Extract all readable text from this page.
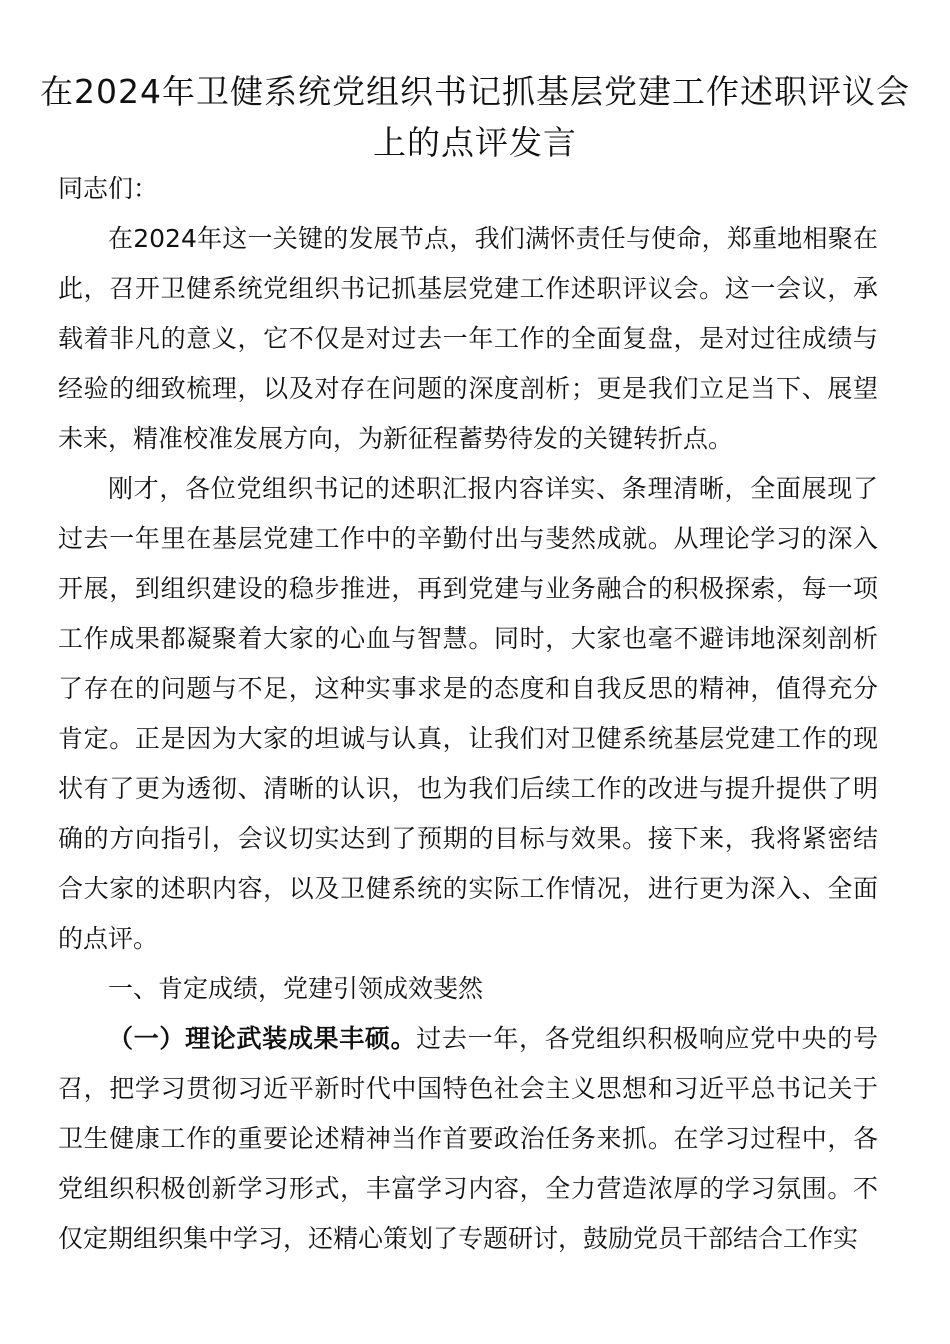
在2024年卫健系统党组织书记抓基层党建工作述职评议会上的点评发言

同志们：

在2024年这一关键的发展节点，我们满怀责任与使命，郑重地相聚在此，召开卫健系统党组织书记抓基层党建工作述职评议会。这一会议，承载着非凡的意义，它不仅是对过去一年工作的全面复盘，是对过往成绩与经验的细致梳理，以及对存在问题的深度剖析；更是我们立足当下、展望未来，精准校准发展方向，为新征程蓄势待发的关键转折点。

刚才，各位党组织书记的述职汇报内容详实、条理清晰，全面展现了过去一年里在基层党建工作中的辛勤付出与斐然成就。从理论学习的深入开展，到组织建设的稳步推进，再到党建与业务融合的积极探索，每一项工作成果都凝聚着大家的心血与智慧。同时，大家也毫不避讳地深刻剖析了存在的问题与不足，这种实事求是的态度和自我反思的精神，值得充分肯定。正是因为大家的坦诚与认真，让我们对卫健系统基层党建工作的现状有了更为透彻、清晰的认识，也为我们后续工作的改进与提升提供了明确的方向指引，会议切实达到了预期的目标与效果。接下来，我将紧密结合大家的述职内容，以及卫健系统的实际工作情况，进行更为深入、全面的点评。

一、肯定成绩，党建引领成效斐然

（一）理论武装成果丰硕。过去一年，各党组织积极响应党中央的号召，把学习贯彻习近平新时代中国特色社会主义思想和习近平总书记关于卫生健康工作的重要论述精神当作首要政治任务来抓。在学习过程中，各党组织积极创新学习形式，丰富学习内容，全力营造浓厚的学习氛围。不仅定期组织集中学习，还精心策划了专题研讨，鼓励党员干部结合工作实
